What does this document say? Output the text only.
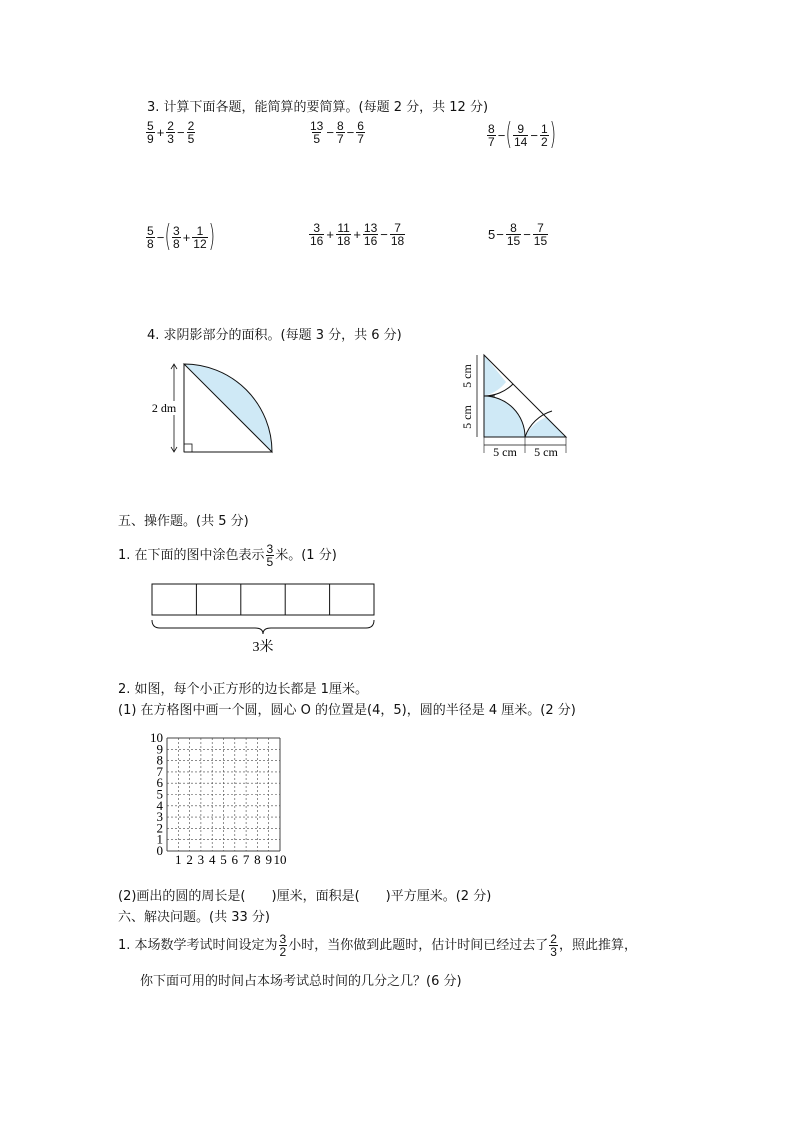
3. 计算下面各题，能简算的要简算。(每题 2 分，共 12 分)
$\frac{5}{9} + \frac{2}{3} - \frac{2}{5}$	$\frac{13}{5} - \frac{8}{7} - \frac{6}{7}$	$\frac{8}{7}$ − ( $\frac{9}{14} - \frac{1}{2}$ )
$\frac{5}{8}$ − ( $\frac{3}{8} + \frac{1}{12}$ )	$\frac{3}{16} + \frac{11}{18} + \frac{13}{16} - \frac{7}{18}$	$5 - \frac{8}{15} - \frac{7}{15}$
4. 求阴影部分的面积。(每题 3 分，共 6 分)
2 dm
5 cm
5 cm
5 cm 5 cm
五、操作题。(共 5 分)
1. 在下面的图中涂色表示 $\frac{3}{5}$ 米。(1 分)
3米
2. 如图，每个小正方形的边长都是 1厘米。
(1) 在方格图中画一个圆，圆心 O 的位置是(4，5)，圆的半径是 4 厘米。(2 分)
10
9
8
7
6
5
4
3
2
1
0
1 2 3 4 5 6 7 8 9 10
(2)画出的圆的周长是( )厘米，面积是( )平方厘米。(2 分)
六、解决问题。(共 33 分)
1. 本场数学考试时间设定为 $\frac{3}{2}$ 小时，当你做到此题时，估计时间已经过去了 $\frac{2}{3}$ ，照此推算，
你下面可用的时间占本场考试总时间的几分之几？(6 分)
